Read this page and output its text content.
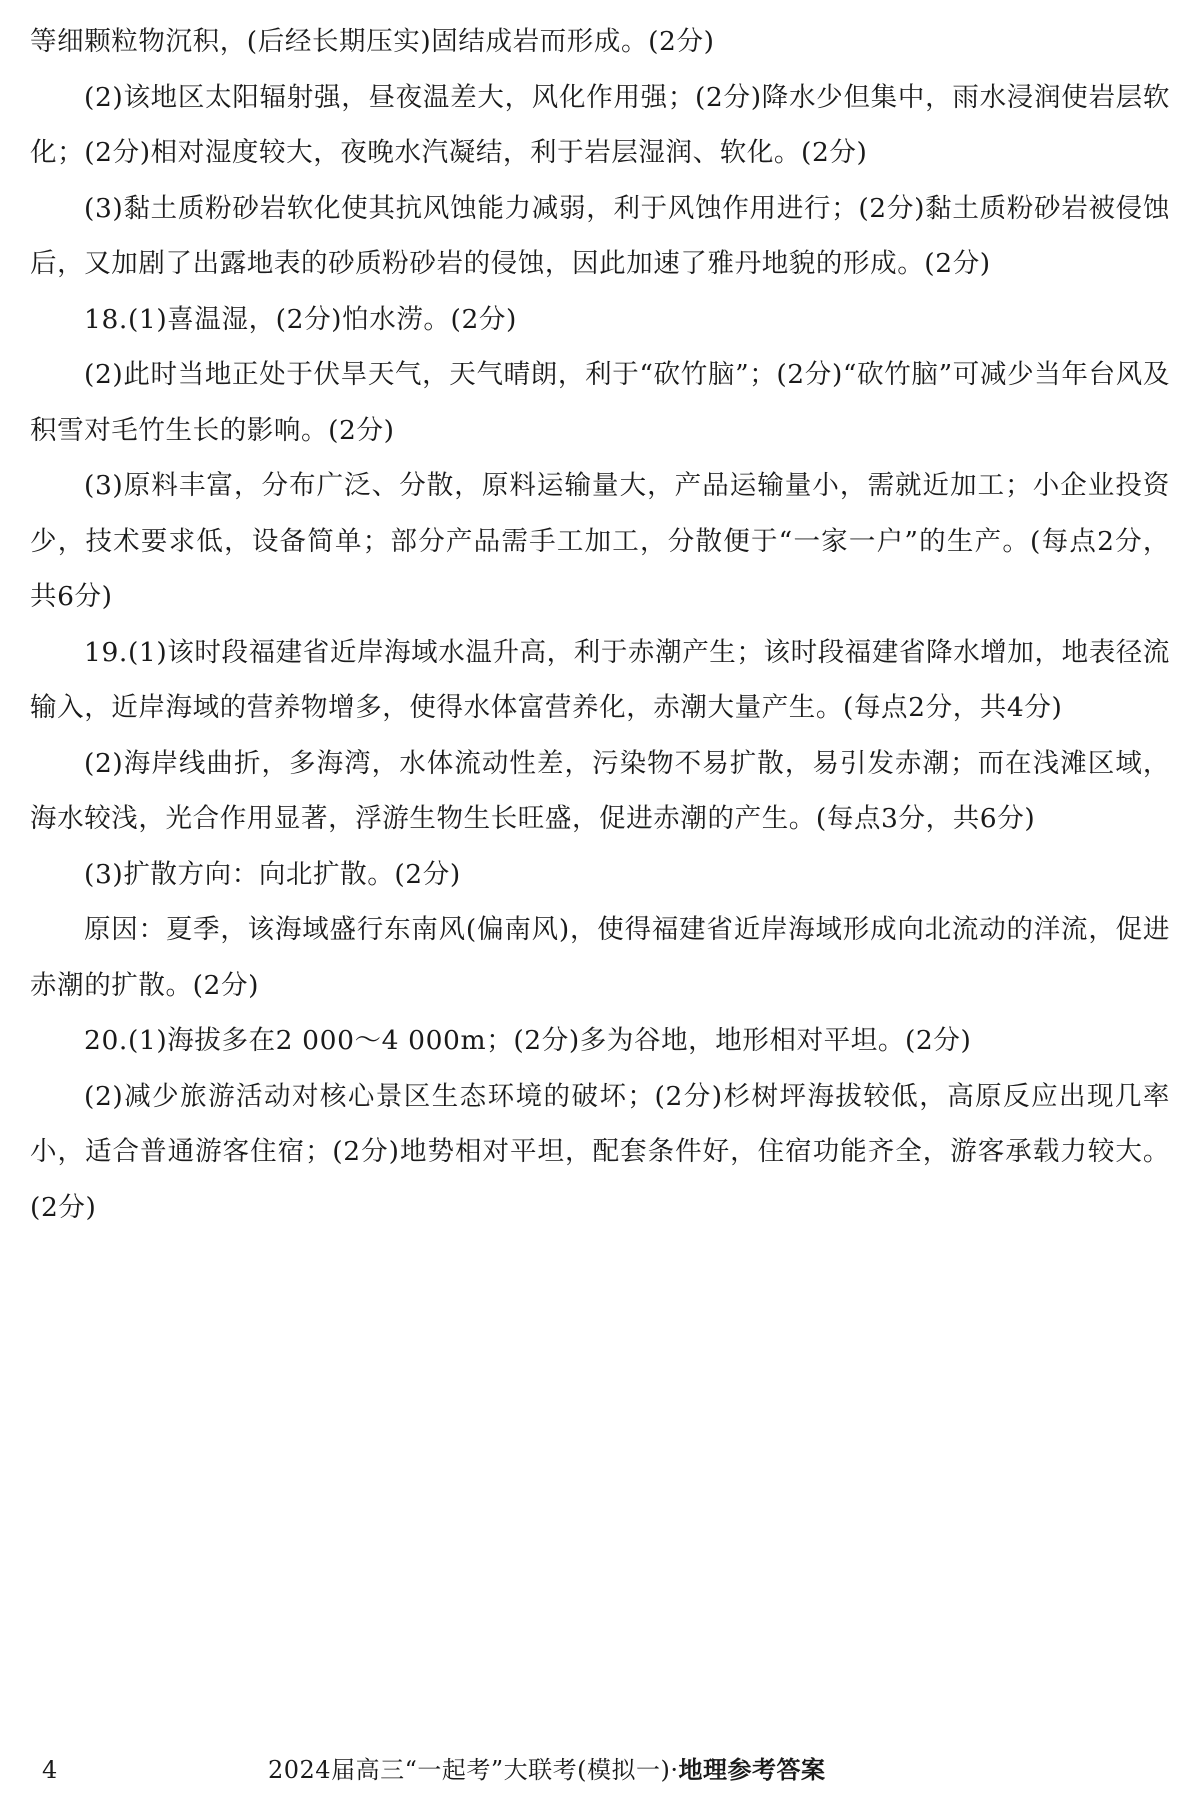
等细颗粒物沉积，(后经长期压实)固结成岩而形成。(2分)

(2)该地区太阳辐射强，昼夜温差大，风化作用强；(2分)降水少但集中，雨水浸润使岩层软化；(2分)相对湿度较大，夜晚水汽凝结，利于岩层湿润、软化。(2分)

(3)黏土质粉砂岩软化使其抗风蚀能力减弱，利于风蚀作用进行；(2分)黏土质粉砂岩被侵蚀后，又加剧了出露地表的砂质粉砂岩的侵蚀，因此加速了雅丹地貌的形成。(2分)

18.(1)喜温湿，(2分)怕水涝。(2分)

(2)此时当地正处于伏旱天气，天气晴朗，利于“砍竹脑”；(2分)“砍竹脑”可减少当年台风及积雪对毛竹生长的影响。(2分)

(3)原料丰富，分布广泛、分散，原料运输量大，产品运输量小，需就近加工；小企业投资少，技术要求低，设备简单；部分产品需手工加工，分散便于“一家一户”的生产。(每点2分，共6分)

19.(1)该时段福建省近岸海域水温升高，利于赤潮产生；该时段福建省降水增加，地表径流输入，近岸海域的营养物增多，使得水体富营养化，赤潮大量产生。(每点2分，共4分)

(2)海岸线曲折，多海湾，水体流动性差，污染物不易扩散，易引发赤潮；而在浅滩区域，海水较浅，光合作用显著，浮游生物生长旺盛，促进赤潮的产生。(每点3分，共6分)

(3)扩散方向：向北扩散。(2分)

原因：夏季，该海域盛行东南风(偏南风)，使得福建省近岸海域形成向北流动的洋流，促进赤潮的扩散。(2分)

20.(1)海拔多在2 000～4 000m；(2分)多为谷地，地形相对平坦。(2分)

(2)减少旅游活动对核心景区生态环境的破坏；(2分)杉树坪海拔较低，高原反应出现几率小，适合普通游客住宿；(2分)地势相对平坦，配套条件好，住宿功能齐全，游客承载力较大。(2分)

4	2024届高三“一起考”大联考(模拟一)·地理参考答案
